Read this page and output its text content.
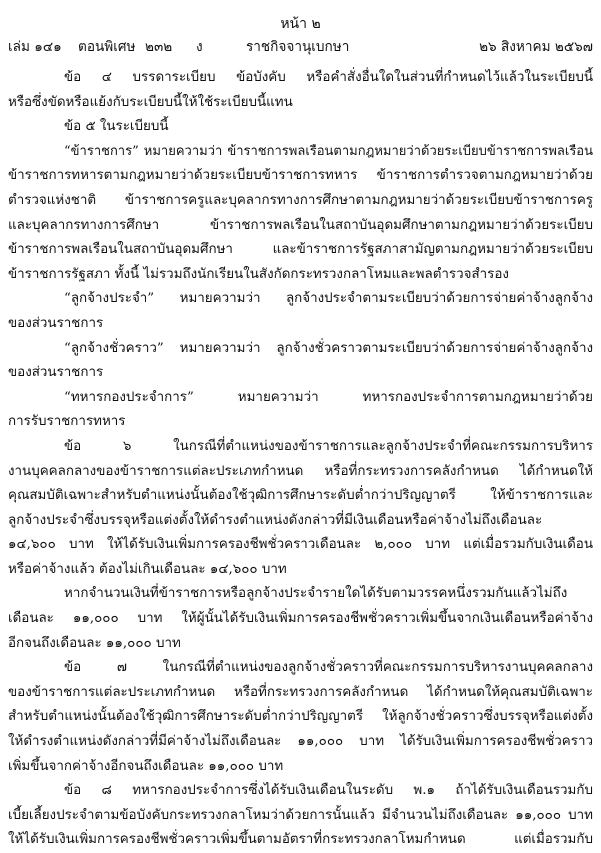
หน้า ๒
เล่ม ๑๔๑ ตอนพิเศษ ๒๓๒ ง	ราชกิจจานุเบกษา	๒๖ สิงหาคม ๒๕๖๗
ข้อ ๔ บรรดาระเบียบ ข้อบังคับ หรือคำสั่งอื่นใดในส่วนที่กำหนดไว้แล้วในระเบียบนี้
หรือซึ่งขัดหรือแย้งกับระเบียบนี้ให้ใช้ระเบียบนี้แทน
ข้อ ๕ ในระเบียบนี้
“ข้าราชการ” หมายความว่า ข้าราชการพลเรือนตามกฎหมายว่าด้วยระเบียบข้าราชการพลเรือน
ข้าราชการทหารตามกฎหมายว่าด้วยระเบียบข้าราชการทหาร ข้าราชการตำรวจตามกฎหมายว่าด้วย
ตำรวจแห่งชาติ ข้าราชการครูและบุคลากรทางการศึกษาตามกฎหมายว่าด้วยระเบียบข้าราชการครู
และบุคลากรทางการศึกษา ข้าราชการพลเรือนในสถาบันอุดมศึกษาตามกฎหมายว่าด้วยระเบียบ
ข้าราชการพลเรือนในสถาบันอุดมศึกษา และข้าราชการรัฐสภาสามัญตามกฎหมายว่าด้วยระเบียบ
ข้าราชการรัฐสภา ทั้งนี้ ไม่รวมถึงนักเรียนในสังกัดกระทรวงกลาโหมและพลตำรวจสำรอง
“ลูกจ้างประจำ” หมายความว่า ลูกจ้างประจำตามระเบียบว่าด้วยการจ่ายค่าจ้างลูกจ้าง
ของส่วนราชการ
“ลูกจ้างชั่วคราว” หมายความว่า ลูกจ้างชั่วคราวตามระเบียบว่าด้วยการจ่ายค่าจ้างลูกจ้าง
ของส่วนราชการ
“ทหารกองประจำการ” หมายความว่า ทหารกองประจำการตามกฎหมายว่าด้วย
การรับราชการทหาร
ข้อ ๖ ในกรณีที่ตำแหน่งของข้าราชการและลูกจ้างประจำที่คณะกรรมการบริหาร
งานบุคคลกลางของข้าราชการแต่ละประเภทกำหนด หรือที่กระทรวงการคลังกำหนด ได้กำหนดให้
คุณสมบัติเฉพาะสำหรับตำแหน่งนั้นต้องใช้วุฒิการศึกษาระดับต่ำกว่าปริญญาตรี ให้ข้าราชการและ
ลูกจ้างประจำซึ่งบรรจุหรือแต่งตั้งให้ดำรงตำแหน่งดังกล่าวที่มีเงินเดือนหรือค่าจ้างไม่ถึงเดือนละ
๑๔,๖๐๐ บาท ให้ได้รับเงินเพิ่มการครองชีพชั่วคราวเดือนละ ๒,๐๐๐ บาท แต่เมื่อรวมกับเงินเดือน
หรือค่าจ้างแล้ว ต้องไม่เกินเดือนละ ๑๔,๖๐๐ บาท
หากจำนวนเงินที่ข้าราชการหรือลูกจ้างประจำรายใดได้รับตามวรรคหนึ่งรวมกันแล้วไม่ถึง
เดือนละ ๑๑,๐๐๐ บาท ให้ผู้นั้นได้รับเงินเพิ่มการครองชีพชั่วคราวเพิ่มขึ้นจากเงินเดือนหรือค่าจ้าง
อีกจนถึงเดือนละ ๑๑,๐๐๐ บาท
ข้อ ๗ ในกรณีที่ตำแหน่งของลูกจ้างชั่วคราวที่คณะกรรมการบริหารงานบุคคลกลาง
ของข้าราชการแต่ละประเภทกำหนด หรือที่กระทรวงการคลังกำหนด ได้กำหนดให้คุณสมบัติเฉพาะ
สำหรับตำแหน่งนั้นต้องใช้วุฒิการศึกษาระดับต่ำกว่าปริญญาตรี ให้ลูกจ้างชั่วคราวซึ่งบรรจุหรือแต่งตั้ง
ให้ดำรงตำแหน่งดังกล่าวที่มีค่าจ้างไม่ถึงเดือนละ ๑๑,๐๐๐ บาท ได้รับเงินเพิ่มการครองชีพชั่วคราว
เพิ่มขึ้นจากค่าจ้างอีกจนถึงเดือนละ ๑๑,๐๐๐ บาท
ข้อ ๘ ทหารกองประจำการซึ่งได้รับเงินเดือนในระดับ พ.๑ ถ้าได้รับเงินเดือนรวมกับ
เบี้ยเลี้ยงประจำตามข้อบังคับกระทรวงกลาโหมว่าด้วยการนั้นแล้ว มีจำนวนไม่ถึงเดือนละ ๑๑,๐๐๐ บาท
ให้ได้รับเงินเพิ่มการครองชีพชั่วคราวเพิ่มขึ้นตามอัตราที่กระทรวงกลาโหมกำหนด แต่เมื่อรวมกับ
